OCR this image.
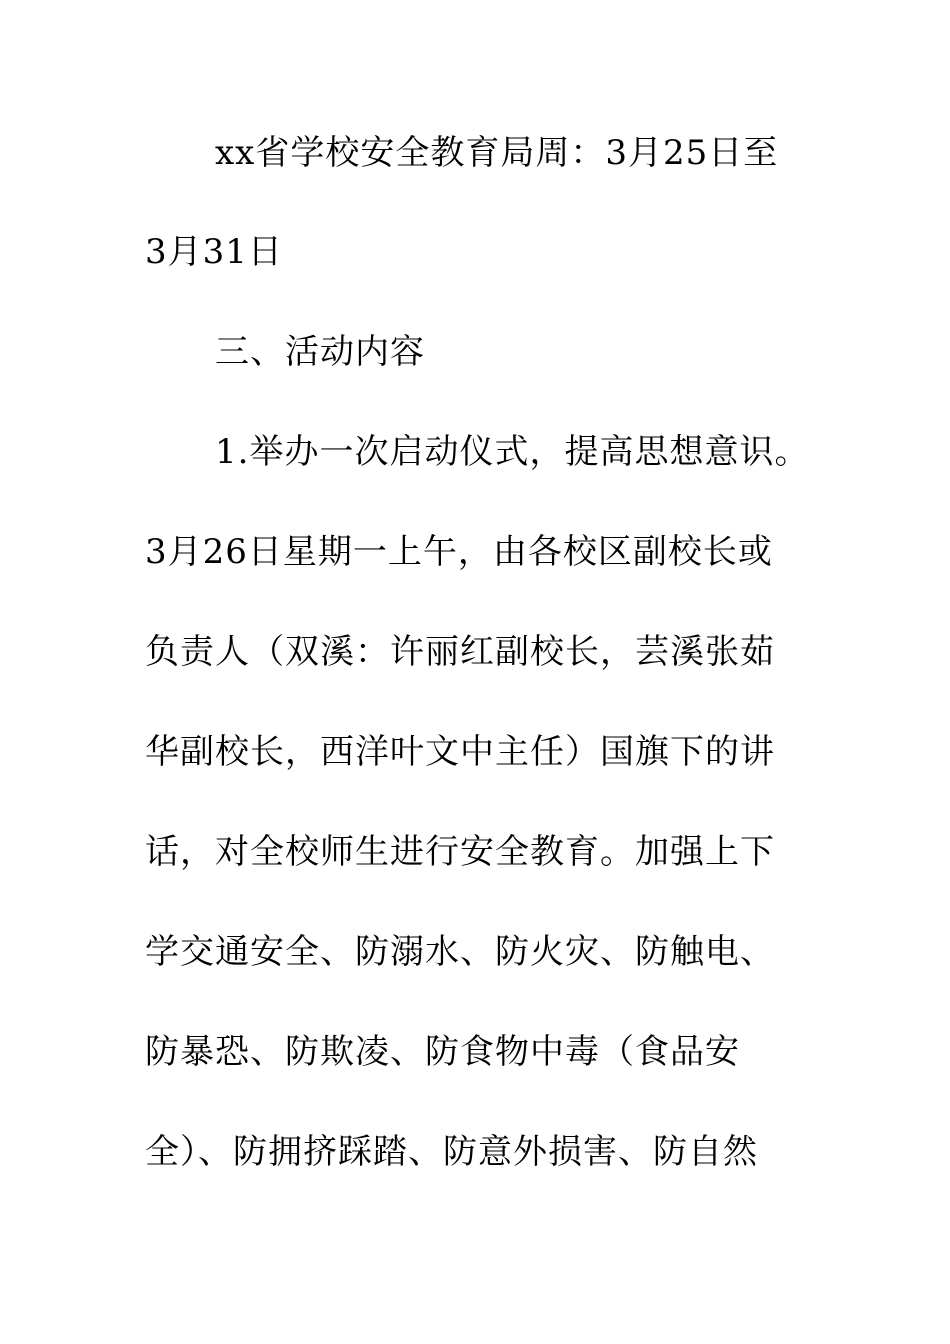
xx省学校安全教育局周：3月25日至
3月31日
三、活动内容
1.举办一次启动仪式，提高思想意识。
3月26日星期一上午，由各校区副校长或
负责人（双溪：许丽红副校长，芸溪张茹
华副校长，西洋叶文中主任）国旗下的讲
话，对全校师生进行安全教育。加强上下
学交通安全、防溺水、防火灾、防触电、
防暴恐、防欺凌、防食物中毒（食品安
全）、防拥挤踩踏、防意外损害、防自然
